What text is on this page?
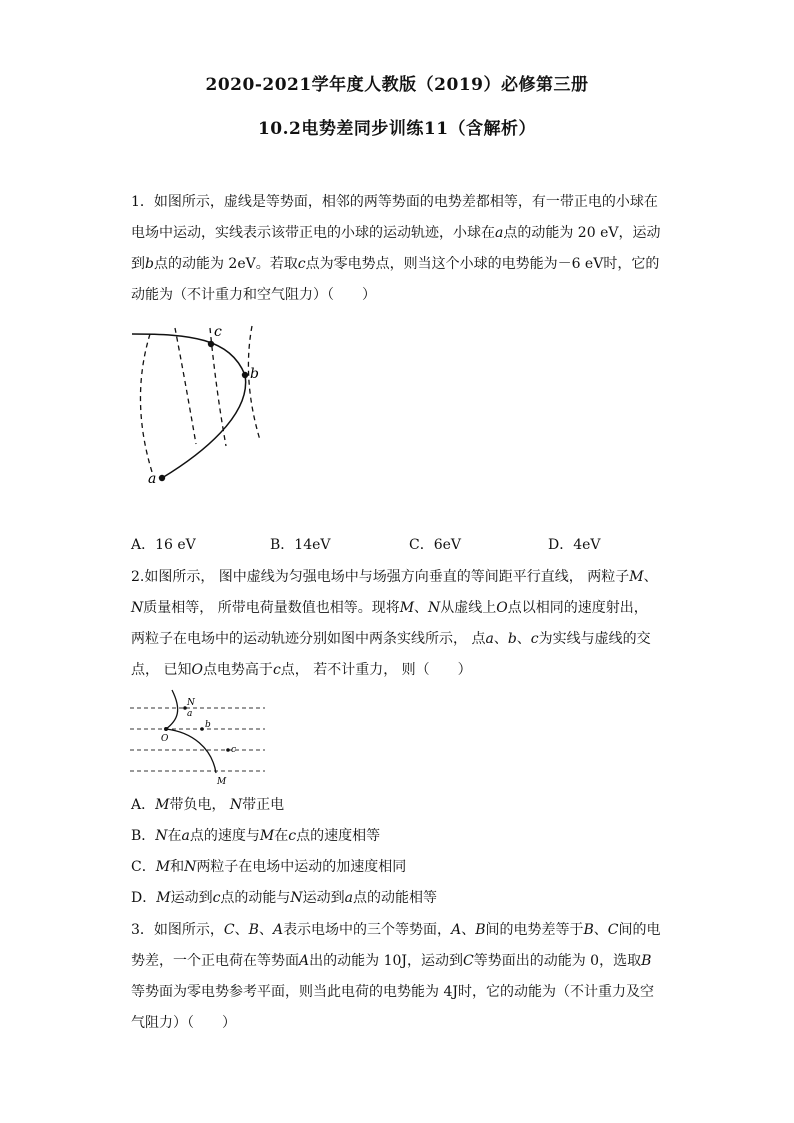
2020-2021学年度人教版（2019）必修第三册
10.2电势差同步训练11（含解析）
1．如图所示，虚线是等势面，相邻的两等势面的电势差都相等，有一带正电的小球在
电场中运动，实线表示该带正电的小球的运动轨迹，小球在a点的动能为 20 eV，运动
到b点的动能为 2eV。若取c点为零电势点，则当这个小球的电势能为－6 eV时，它的
动能为（不计重力和空气阻力）（　　）
c
b
a
A．16 eV	B．14eV	C．6eV	D．4eV
2.如图所示， 图中虚线为匀强电场中与场强方向垂直的等间距平行直线， 两粒子M、
N质量相等， 所带电荷量数值也相等。现将M、N从虚线上O点以相同的速度射出，
两粒子在电场中的运动轨迹分别如图中两条实线所示， 点a、b、c为实线与虚线的交
点， 已知O点电势高于c点， 若不计重力， 则（　　）
N
a
b
O
c
M
A．M带负电， N带正电
B．N在a点的速度与M在c点的速度相等
C．M和N两粒子在电场中运动的加速度相同
D．M运动到c点的动能与N运动到a点的动能相等
3．如图所示，C、B、A表示电场中的三个等势面，A、B间的电势差等于B、C间的电
势差，一个正电荷在等势面A出的动能为 10J，运动到C等势面出的动能为 0，选取B
等势面为零电势参考平面，则当此电荷的电势能为 4J时，它的动能为（不计重力及空
气阻力）（　　）
